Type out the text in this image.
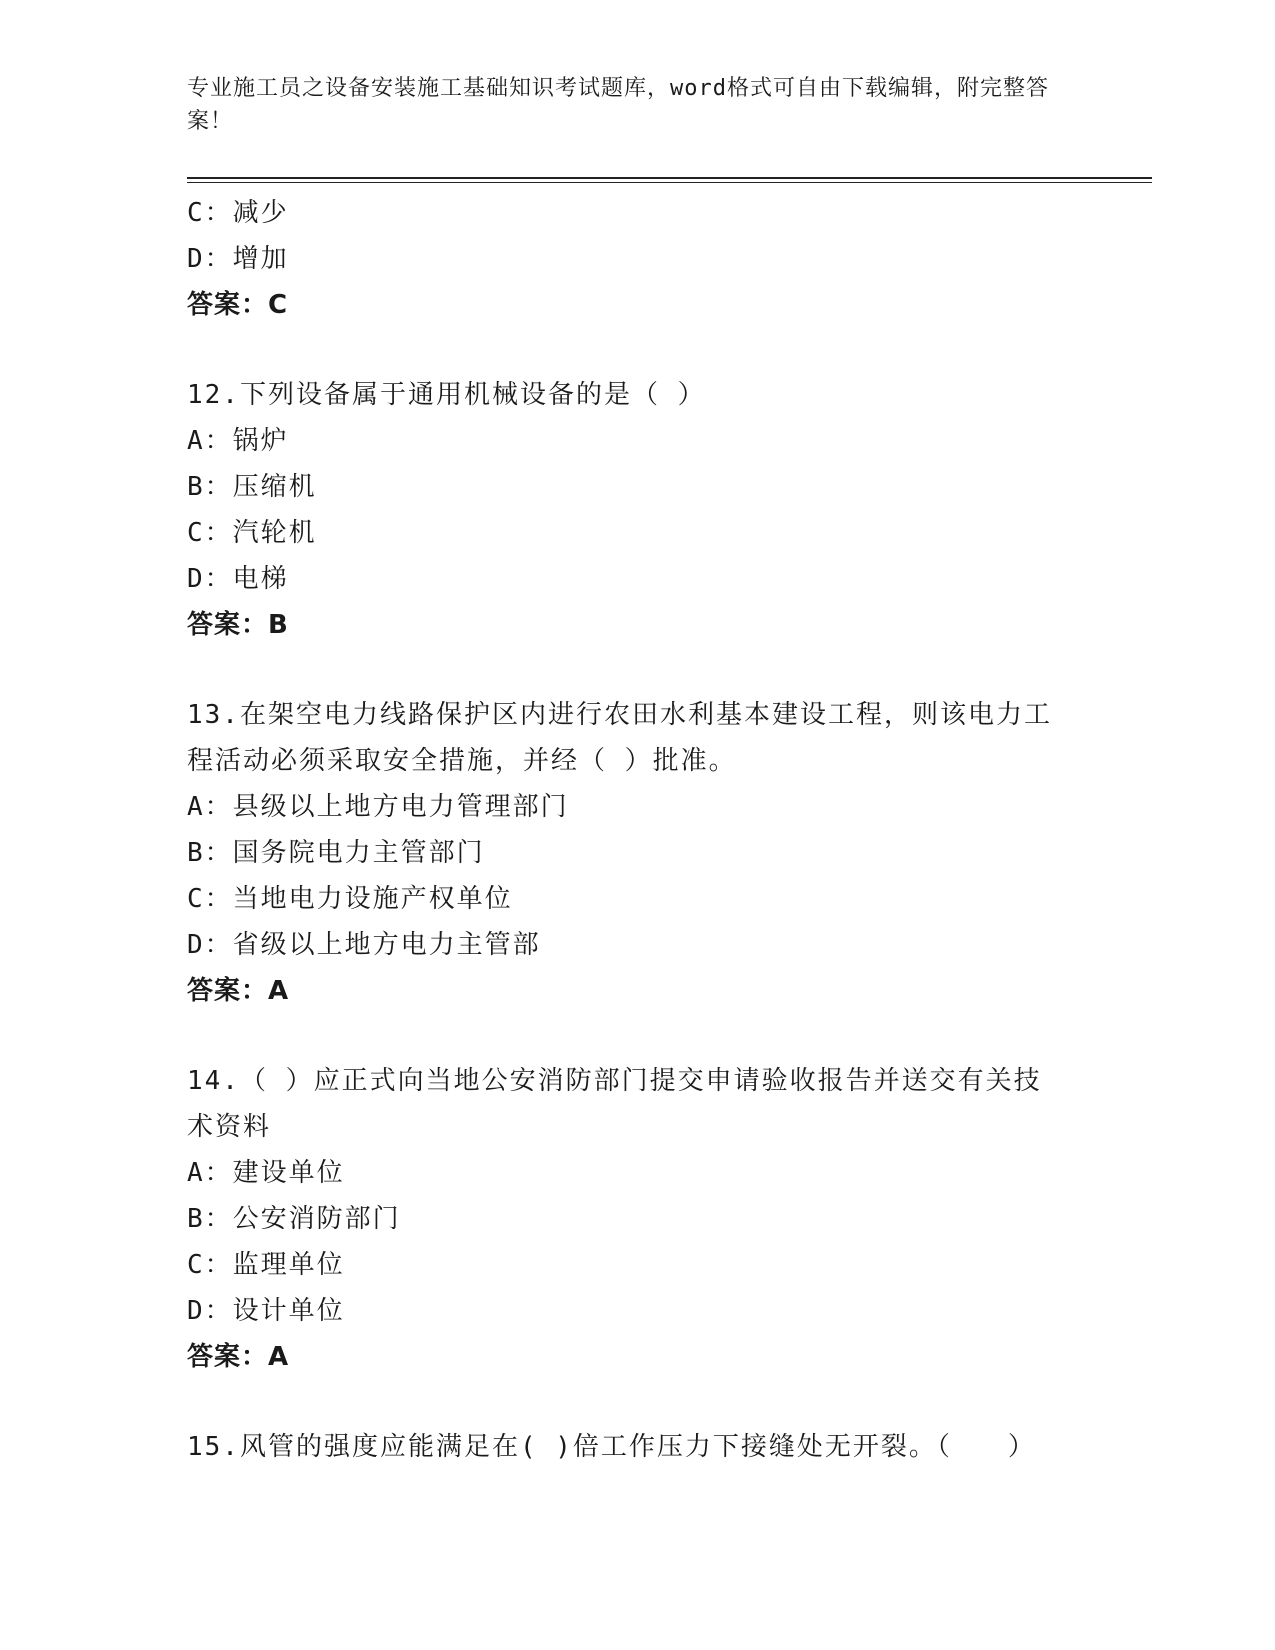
专业施工员之设备安装施工基础知识考试题库，word格式可自由下载编辑，附完整答案！
C：减少
D：增加
答案：C
12.下列设备属于通用机械设备的是（ ）
A：锅炉
B：压缩机
C：汽轮机
D：电梯
答案：B
13.在架空电力线路保护区内进行农田水利基本建设工程，则该电力工
程活动必须采取安全措施，并经（ ）批准。
A：县级以上地方电力管理部门
B：国务院电力主管部门
C：当地电力设施产权单位
D：省级以上地方电力主管部
答案：A
14.（ ）应正式向当地公安消防部门提交申请验收报告并送交有关技
术资料
A：建设单位
B：公安消防部门
C：监理单位
D：设计单位
答案：A
15.风管的强度应能满足在( )倍工作压力下接缝处无开裂。（　　）
